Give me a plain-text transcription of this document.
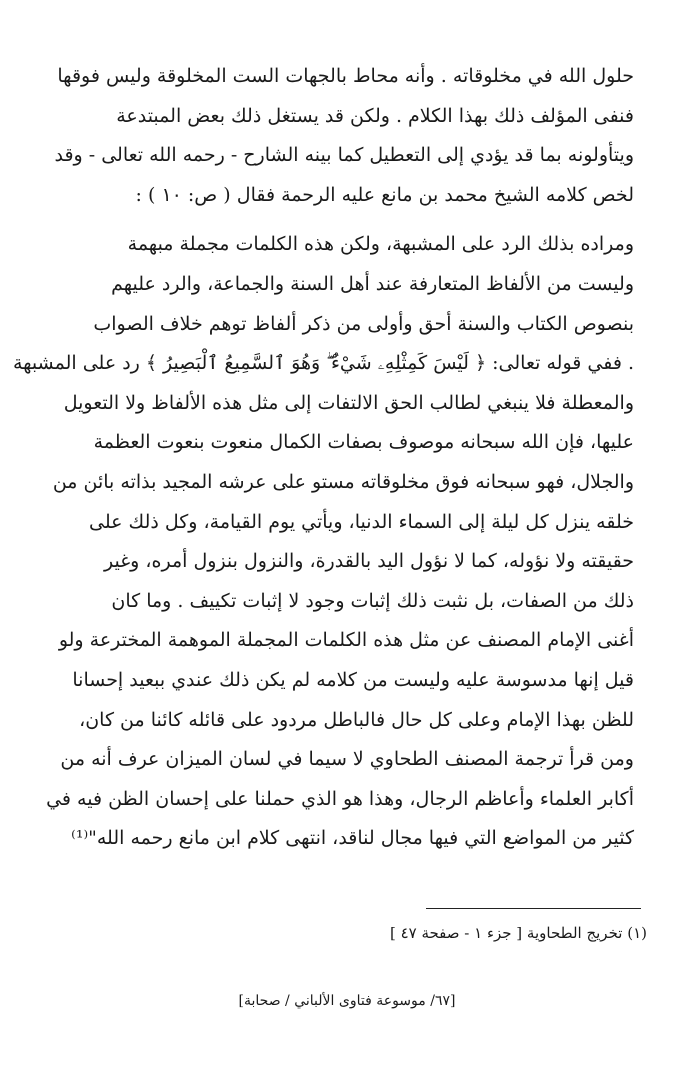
حلول الله في مخلوقاته . وأنه محاط بالجهات الست المخلوقة وليس فوقها
فنفى المؤلف ذلك بهذا الكلام . ولكن قد يستغل ذلك بعض المبتدعة
ويتأولونه بما قد يؤدي إلى التعطيل كما بينه الشارح - رحمه الله تعالى - وقد
لخص كلامه الشيخ محمد بن مانع عليه الرحمة فقال ( ص: ١٠ ) :
ومراده بذلك الرد على المشبهة، ولكن هذه الكلمات مجملة مبهمة
وليست من الألفاظ المتعارفة عند أهل السنة والجماعة، والرد عليهم
بنصوص الكتاب والسنة أحق وأولى من ذكر ألفاظ توهم خلاف الصواب
. ففي قوله تعالى: ﴿ لَيْسَ كَمِثْلِهِۦ شَيْءٌ ۖ وَهُوَ ٱلسَّمِيعُ ٱلْبَصِيرُ ﴾ رد على المشبهة
والمعطلة فلا ينبغي لطالب الحق الالتفات إلى مثل هذه الألفاظ ولا التعويل
عليها، فإن الله سبحانه موصوف بصفات الكمال منعوت بنعوت العظمة
والجلال، فهو سبحانه فوق مخلوقاته مستو على عرشه المجيد بذاته بائن من
خلقه ينزل كل ليلة إلى السماء الدنيا، ويأتي يوم القيامة، وكل ذلك على
حقيقته ولا نؤوله، كما لا نؤول اليد بالقدرة، والنزول بنزول أمره، وغير
ذلك من الصفات، بل نثبت ذلك إثبات وجود لا إثبات تكييف . وما كان
أغنى الإمام المصنف عن مثل هذه الكلمات المجملة الموهمة المخترعة ولو
قيل إنها مدسوسة عليه وليست من كلامه لم يكن ذلك عندي ببعيد إحسانا
للظن بهذا الإمام وعلى كل حال فالباطل مردود على قائله كائنا من كان،
ومن قرأ ترجمة المصنف الطحاوي لا سيما في لسان الميزان عرف أنه من
أكابر العلماء وأعاظم الرجال، وهذا هو الذي حملنا على إحسان الظن فيه في
كثير من المواضع التي فيها مجال لناقد، انتهى كلام ابن مانع رحمه الله"⁽¹⁾

(١) تخريج الطحاوية [ جزء ١ - صفحة ٤٧ ]

[٦٧/ موسوعة فتاوى الألباني / صحابة]
